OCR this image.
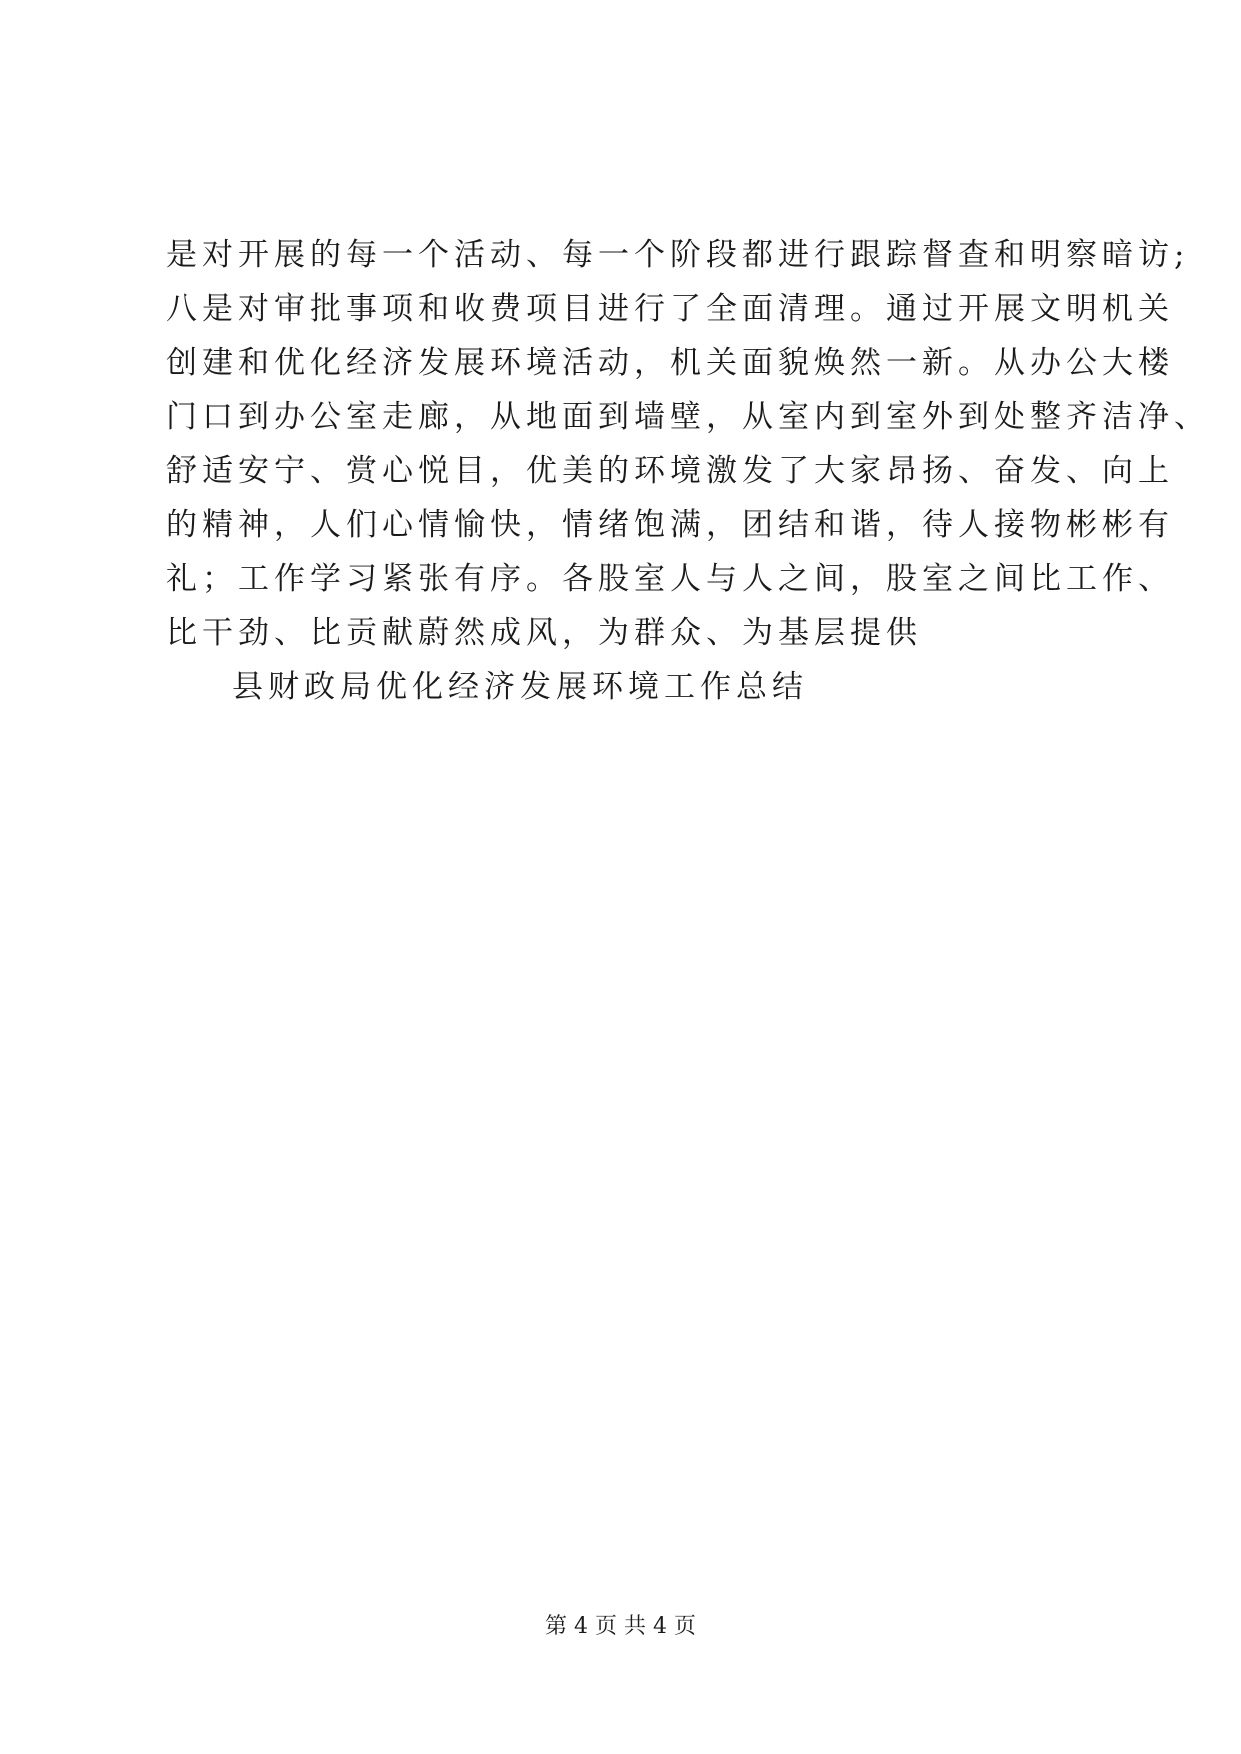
是对开展的每一个活动、每一个阶段都进行跟踪督查和明察暗访;
八是对审批事项和收费项目进行了全面清理。通过开展文明机关
创建和优化经济发展环境活动，机关面貌焕然一新。从办公大楼
门口到办公室走廊，从地面到墙壁，从室内到室外到处整齐洁净、
舒适安宁、赏心悦目，优美的环境激发了大家昂扬、奋发、向上
的精神，人们心情愉快，情绪饱满，团结和谐，待人接物彬彬有
礼；工作学习紧张有序。各股室人与人之间，股室之间比工作、
比干劲、比贡献蔚然成风，为群众、为基层提供
县财政局优化经济发展环境工作总结
第 4 页 共 4 页
